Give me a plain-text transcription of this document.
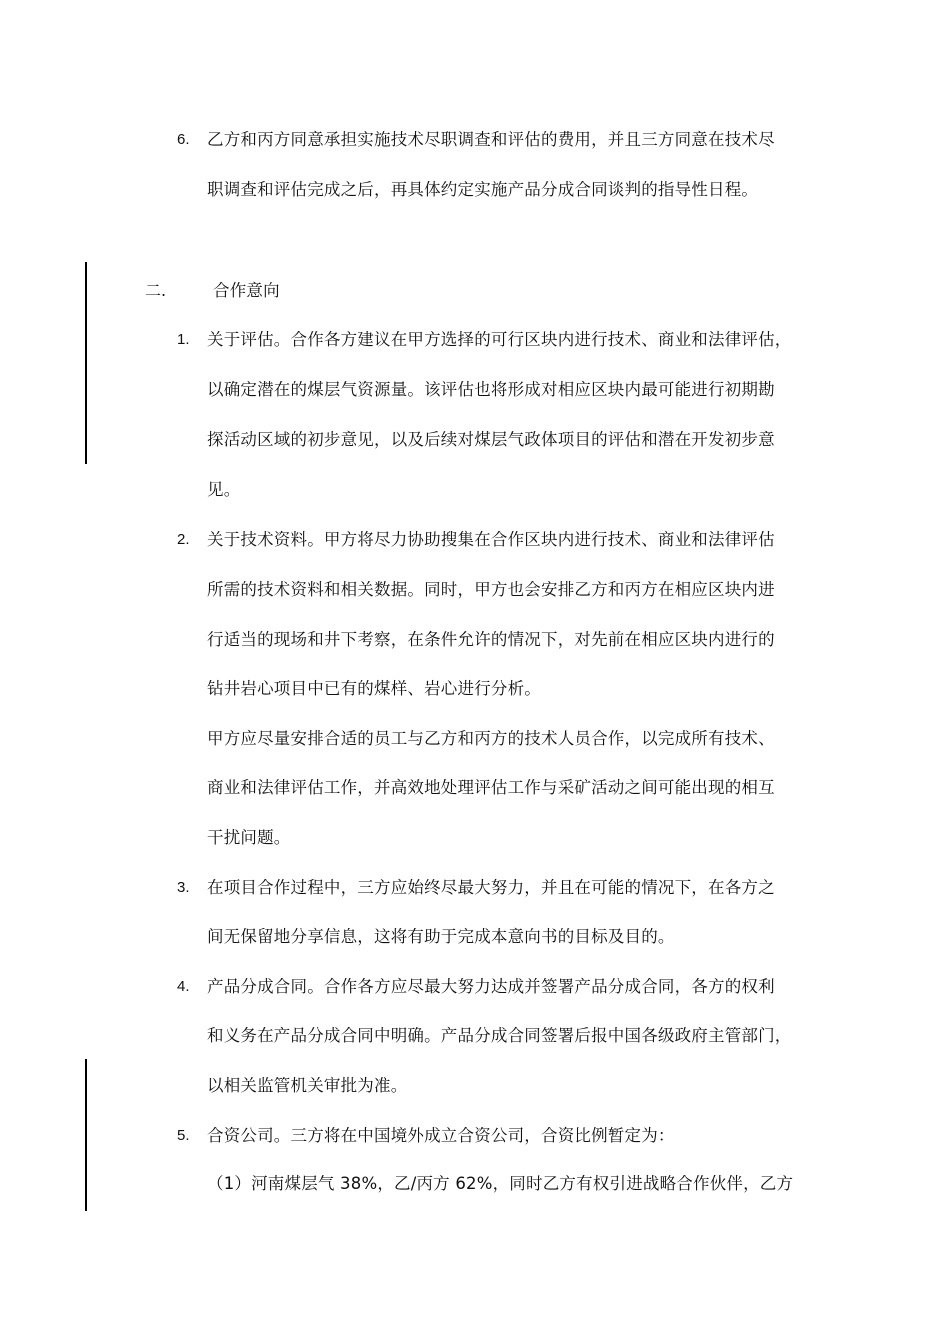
6. 乙方和丙方同意承担实施技术尽职调查和评估的费用，并且三方同意在技术尽
职调查和评估完成之后，再具体约定实施产品分成合同谈判的指导性日程。
二.	合作意向
1. 关于评估。合作各方建议在甲方选择的可行区块内进行技术、商业和法律评估，
以确定潜在的煤层气资源量。该评估也将形成对相应区块内最可能进行初期勘
探活动区域的初步意见，以及后续对煤层气政体项目的评估和潜在开发初步意
见。
2. 关于技术资料。甲方将尽力协助搜集在合作区块内进行技术、商业和法律评估
所需的技术资料和相关数据。同时，甲方也会安排乙方和丙方在相应区块内进
行适当的现场和井下考察，在条件允许的情况下，对先前在相应区块内进行的
钻井岩心项目中已有的煤样、岩心进行分析。
甲方应尽量安排合适的员工与乙方和丙方的技术人员合作，以完成所有技术、
商业和法律评估工作，并高效地处理评估工作与采矿活动之间可能出现的相互
干扰问题。
3. 在项目合作过程中，三方应始终尽最大努力，并且在可能的情况下，在各方之
间无保留地分享信息，这将有助于完成本意向书的目标及目的。
4. 产品分成合同。合作各方应尽最大努力达成并签署产品分成合同，各方的权利
和义务在产品分成合同中明确。产品分成合同签署后报中国各级政府主管部门，
以相关监管机关审批为准。
5. 合资公司。三方将在中国境外成立合资公司，合资比例暂定为：
（1）河南煤层气 38%，乙/丙方 62%，同时乙方有权引进战略合作伙伴，乙方
